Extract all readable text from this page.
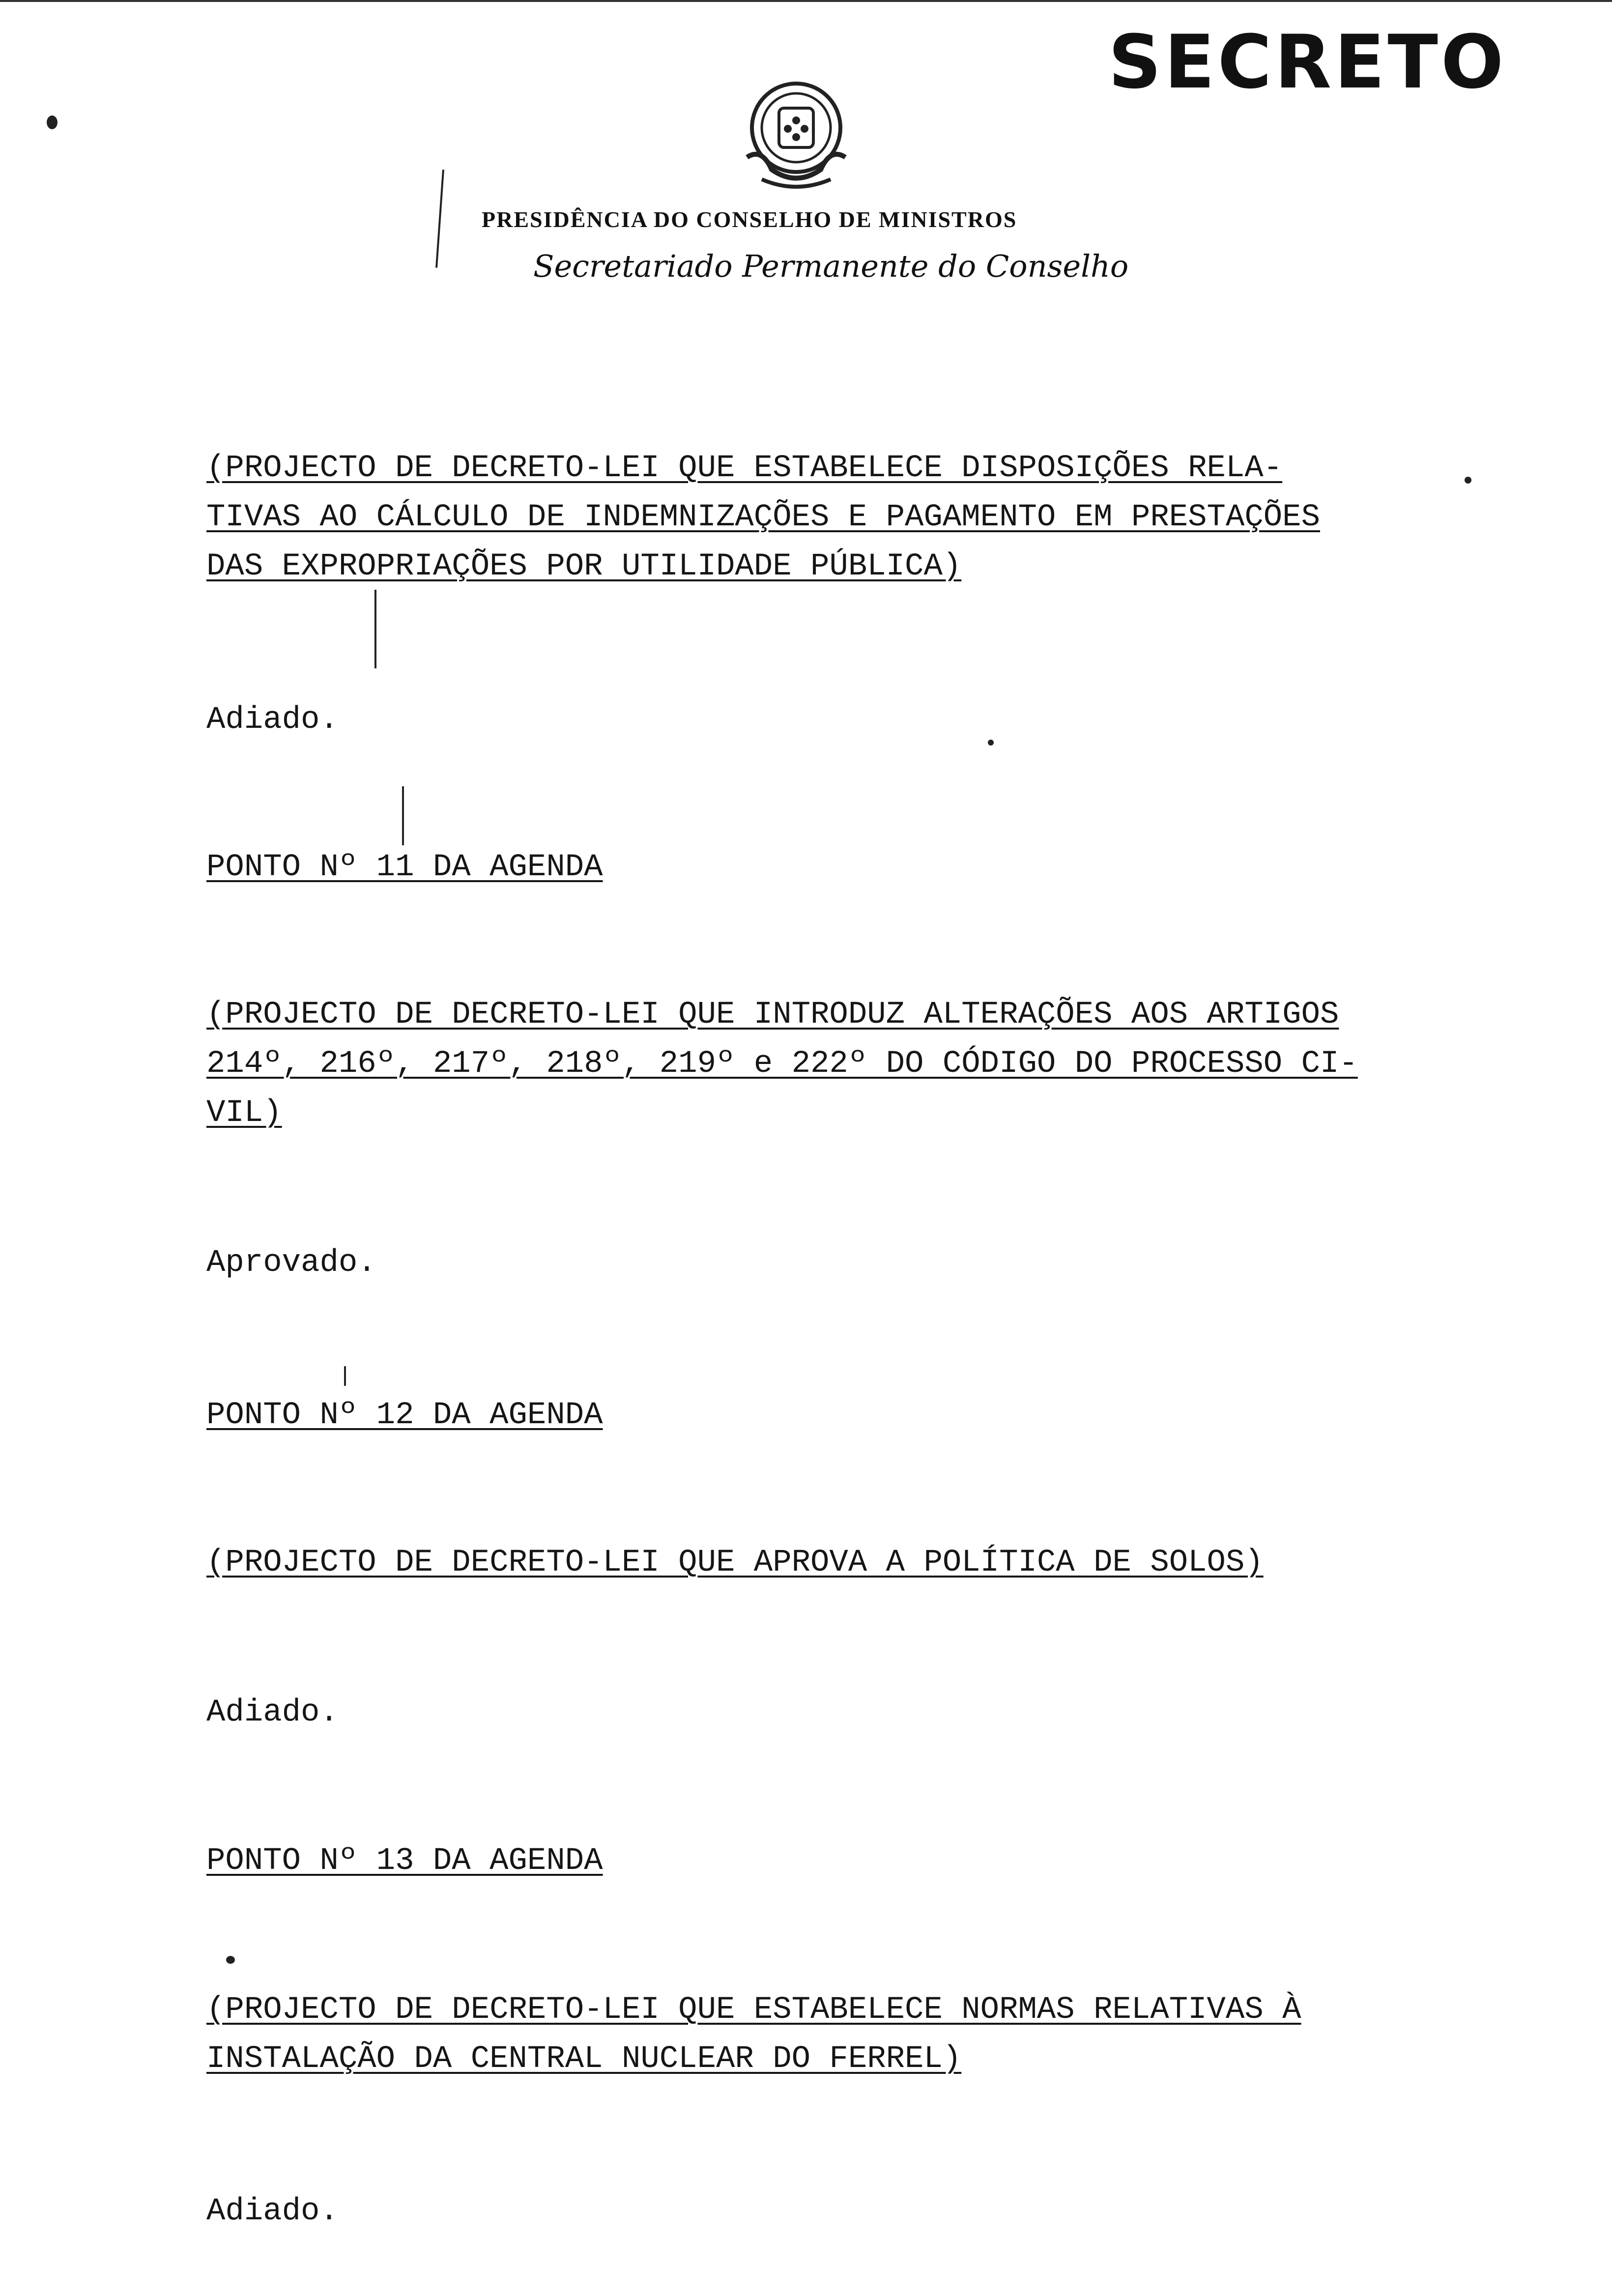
SECRETO
PRESIDÊNCIA DO CONSELHO DE MINISTROS
Secretariado Permanente do Conselho
(PROJECTO DE DECRETO-LEI QUE ESTABELECE DISPOSIÇÕES RELA-
TIVAS AO CÁLCULO DE INDEMNIZAÇÕES E PAGAMENTO EM PRESTAÇÕES
DAS EXPROPRIAÇÕES POR UTILIDADE PÚBLICA)
Adiado.
PONTO Nº 11 DA AGENDA
(PROJECTO DE DECRETO-LEI QUE INTRODUZ ALTERAÇÕES AOS ARTIGOS
214º, 216º, 217º, 218º, 219º e 222º DO CÓDIGO DO PROCESSO CI-
VIL)
Aprovado.
PONTO Nº 12 DA AGENDA
(PROJECTO DE DECRETO-LEI QUE APROVA A POLÍTICA DE SOLOS)
Adiado.
PONTO Nº 13 DA AGENDA
(PROJECTO DE DECRETO-LEI QUE ESTABELECE NORMAS RELATIVAS À
INSTALAÇÃO DA CENTRAL NUCLEAR DO FERREL)
Adiado.
